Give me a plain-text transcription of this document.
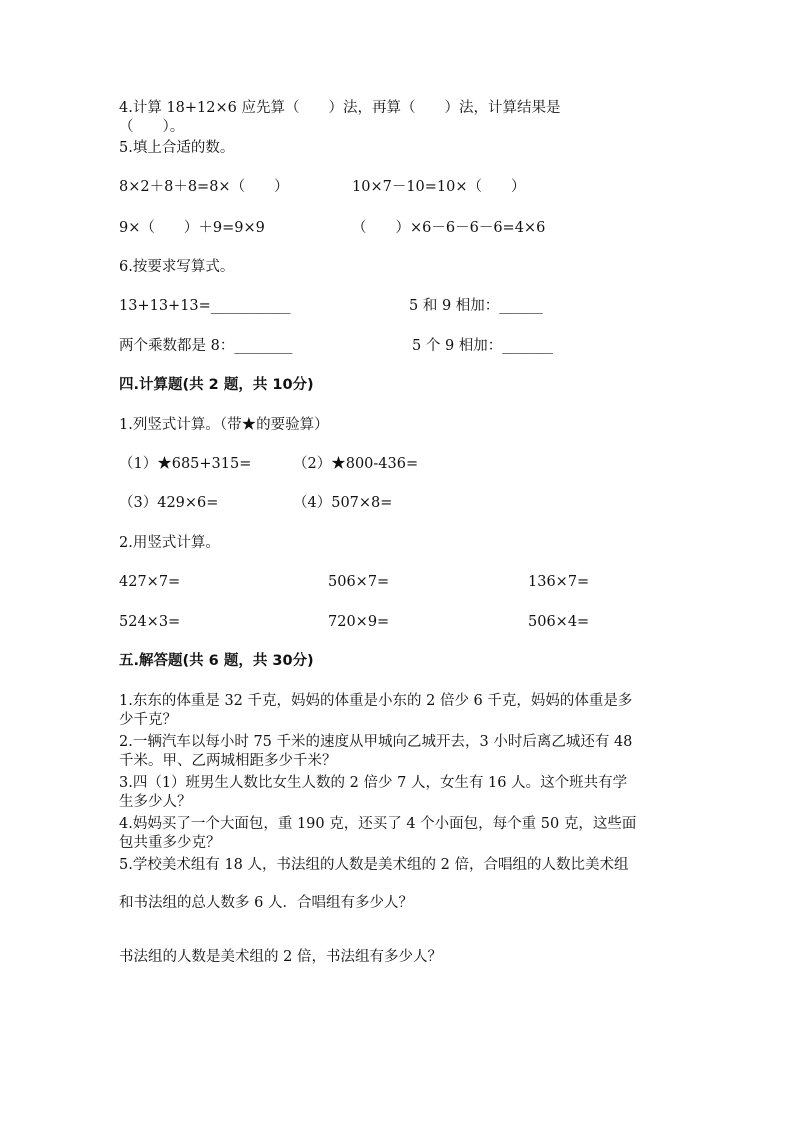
4.计算 18+12×6 应先算（　　）法，再算（　　）法，计算结果是
（　　）。
5.填上合适的数。
8×2＋8＋8=8×（　　）	10×7－10=10×（　　）
9×（　　）＋9=9×9	（　　）×6－6－6－6=4×6
6.按要求写算式。
13+13+13=___________	5 和 9 相加：______
两个乘数都是 8：________	5 个 9 相加：_______
四.计算题(共 2 题，共 10分)
1.列竖式计算。（带★的要验算）
（1）★685+315=	（2）★800-436=
（3）429×6=	（4）507×8=
2.用竖式计算。
427×7=	506×7=	136×7=
524×3=	720×9=	506×4=
五.解答题(共 6 题，共 30分)
1.东东的体重是 32 千克，妈妈的体重是小东的 2 倍少 6 千克，妈妈的体重是多
少千克？
2.一辆汽车以每小时 75 千米的速度从甲城向乙城开去，3 小时后离乙城还有 48
千米。甲、乙两城相距多少千米？
3.四（1）班男生人数比女生人数的 2 倍少 7 人，女生有 16 人。这个班共有学
生多少人？
4.妈妈买了一个大面包，重 190 克，还买了 4 个小面包，每个重 50 克，这些面
包共重多少克？
5.学校美术组有 18 人，书法组的人数是美术组的 2 倍，合唱组的人数比美术组
和书法组的总人数多 6 人．合唱组有多少人？
书法组的人数是美术组的 2 倍，书法组有多少人？
